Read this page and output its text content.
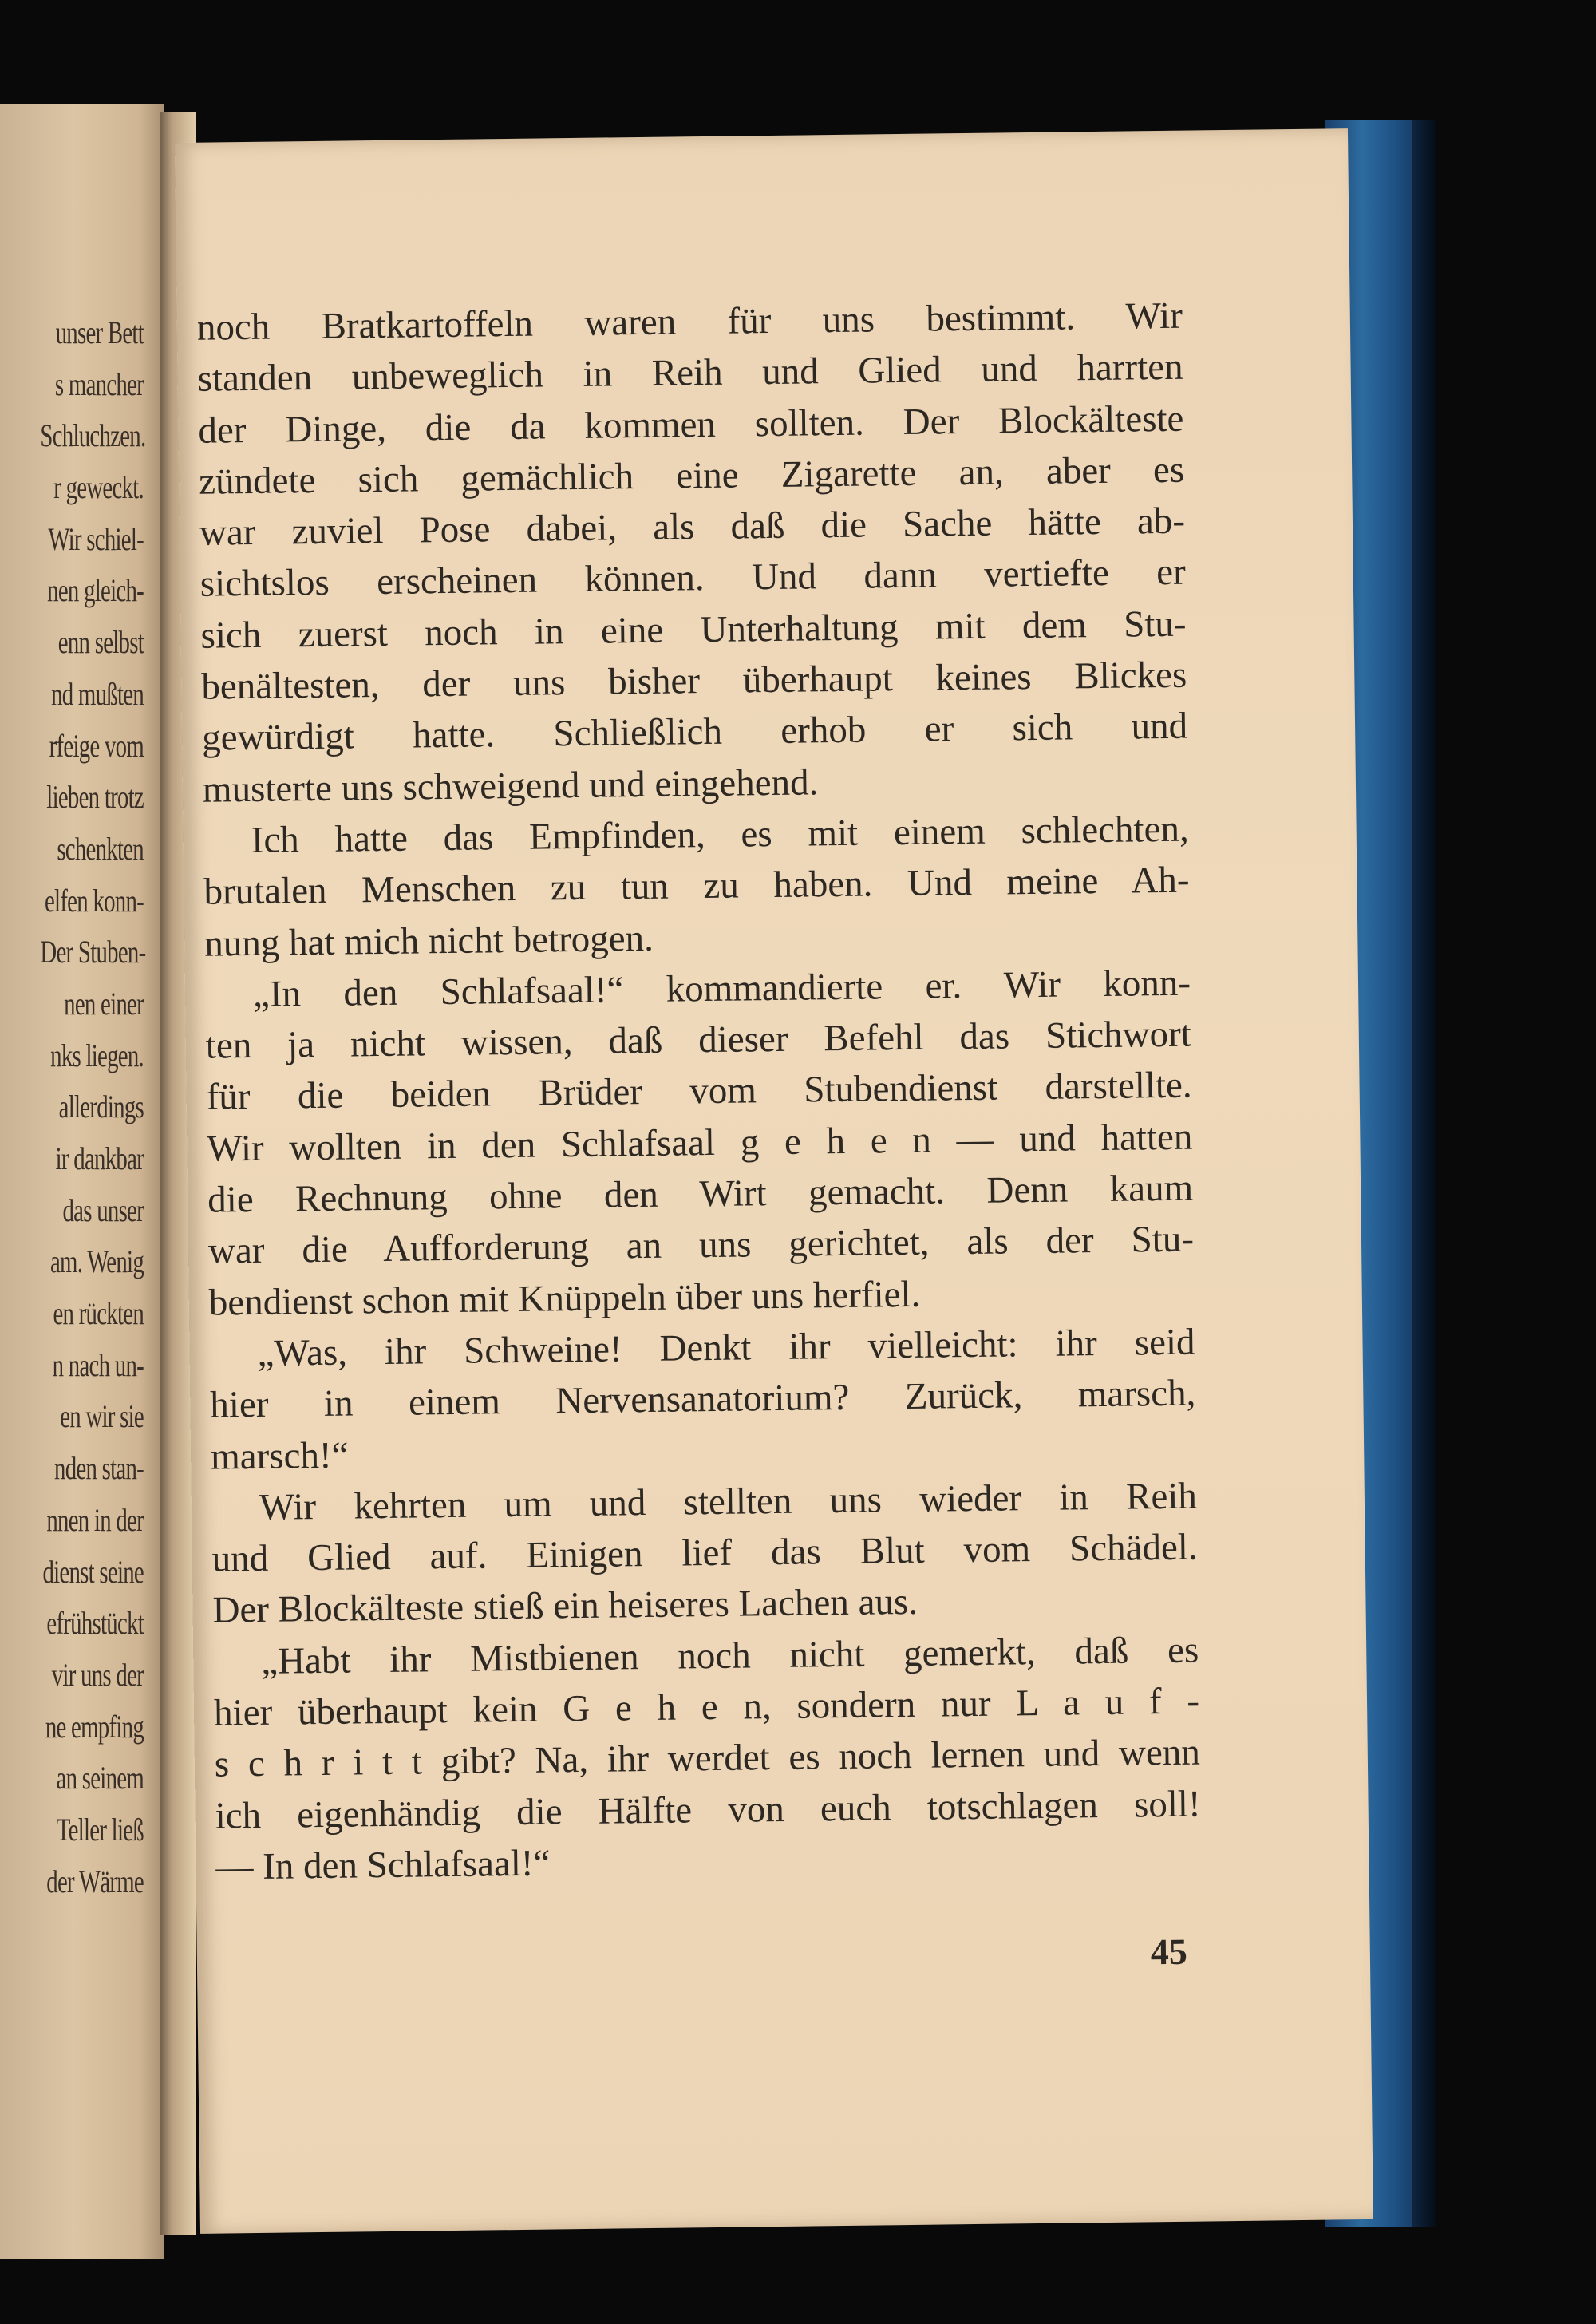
unser Bett
s mancher
Schluchzen.
r geweckt.
Wir schiel-
nen gleich-
enn selbst
nd mußten
rfeige vom
lieben trotz
schenkten
elfen konn-
Der Stuben-
nen einer
nks liegen.
allerdings
ir dankbar
das unser
am. Wenig
en rückten
n nach un-
en wir sie
nden stan-
nnen in der
dienst seine
efrühstückt
vir uns der
ne empfing
an seinem
Teller ließ
der Wärme
noch Bratkartoffeln waren für uns bestimmt. Wir
standen unbeweglich in Reih und Glied und harrten
der Dinge, die da kommen sollten. Der Blockälteste
zündete sich gemächlich eine Zigarette an, aber es
war zuviel Pose dabei, als daß die Sache hätte ab-
sichtslos erscheinen können. Und dann vertiefte er
sich zuerst noch in eine Unterhaltung mit dem Stu-
benältesten, der uns bisher überhaupt keines Blickes
gewürdigt hatte. Schließlich erhob er sich und
musterte uns schweigend und eingehend.
Ich hatte das Empfinden, es mit einem schlechten,
brutalen Menschen zu tun zu haben. Und meine Ah-
nung hat mich nicht betrogen.
„In den Schlafsaal!“ kommandierte er. Wir konn-
ten ja nicht wissen, daß dieser Befehl das Stichwort
für die beiden Brüder vom Stubendienst darstellte.
Wir wollten in den Schlafsaal g e h e n — und hatten
die Rechnung ohne den Wirt gemacht. Denn kaum
war die Aufforderung an uns gerichtet, als der Stu-
bendienst schon mit Knüppeln über uns herfiel.
„Was, ihr Schweine! Denkt ihr vielleicht: ihr seid
hier in einem Nervensanatorium? Zurück, marsch,
marsch!“
Wir kehrten um und stellten uns wieder in Reih
und Glied auf. Einigen lief das Blut vom Schädel.
Der Blockälteste stieß ein heiseres Lachen aus.
„Habt ihr Mistbienen noch nicht gemerkt, daß es
hier überhaupt kein G e h e n, sondern nur L a u f -
s c h r i t t gibt? Na, ihr werdet es noch lernen und wenn
ich eigenhändig die Hälfte von euch totschlagen soll!
— In den Schlafsaal!“
45
